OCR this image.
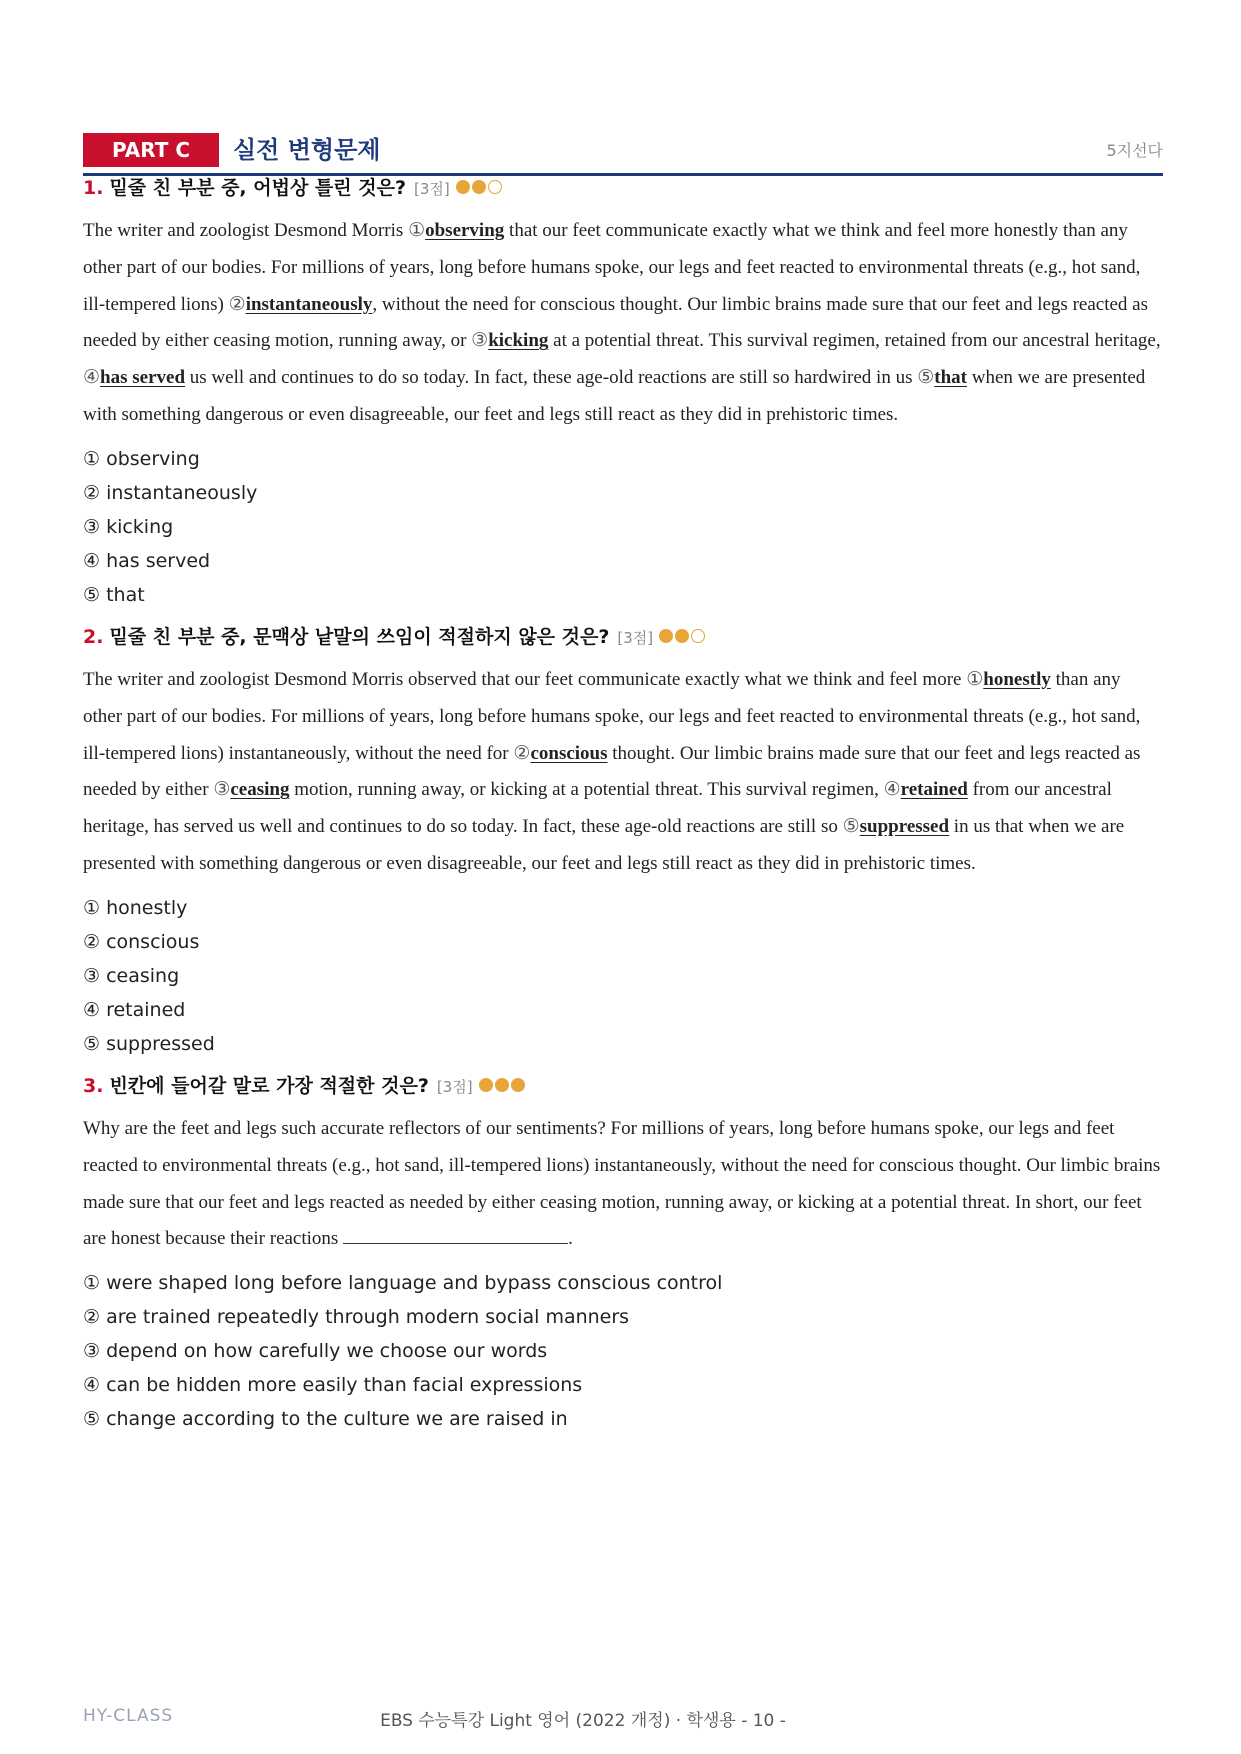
PART C	실전 변형문제	5지선다
1. 밑줄 친 부분 중, 어법상 틀린 것은? [3점]
The writer and zoologist Desmond Morris ①observing that our feet communicate exactly what we think and feel more honestly than any other part of our bodies. For millions of years, long before humans spoke, our legs and feet reacted to environmental threats (e.g., hot sand, ill-tempered lions) ②instantaneously, without the need for conscious thought. Our limbic brains made sure that our feet and legs reacted as needed by either ceasing motion, running away, or ③kicking at a potential threat. This survival regimen, retained from our ancestral heritage, ④has served us well and continues to do so today. In fact, these age-old reactions are still so hardwired in us ⑤that when we are presented with something dangerous or even disagreeable, our feet and legs still react as they did in prehistoric times.
① observing
② instantaneously
③ kicking
④ has served
⑤ that
2. 밑줄 친 부분 중, 문맥상 낱말의 쓰임이 적절하지 않은 것은? [3점]
The writer and zoologist Desmond Morris observed that our feet communicate exactly what we think and feel more ①honestly than any other part of our bodies. For millions of years, long before humans spoke, our legs and feet reacted to environmental threats (e.g., hot sand, ill-tempered lions) instantaneously, without the need for ②conscious thought. Our limbic brains made sure that our feet and legs reacted as needed by either ③ceasing motion, running away, or kicking at a potential threat. This survival regimen, ④retained from our ancestral heritage, has served us well and continues to do so today. In fact, these age-old reactions are still so ⑤suppressed in us that when we are presented with something dangerous or even disagreeable, our feet and legs still react as they did in prehistoric times.
① honestly
② conscious
③ ceasing
④ retained
⑤ suppressed
3. 빈칸에 들어갈 말로 가장 적절한 것은? [3점]
Why are the feet and legs such accurate reflectors of our sentiments? For millions of years, long before humans spoke, our legs and feet reacted to environmental threats (e.g., hot sand, ill-tempered lions) instantaneously, without the need for conscious thought. Our limbic brains made sure that our feet and legs reacted as needed by either ceasing motion, running away, or kicking at a potential threat. In short, our feet are honest because their reactions	.
① were shaped long before language and bypass conscious control
② are trained repeatedly through modern social manners
③ depend on how carefully we choose our words
④ can be hidden more easily than facial expressions
⑤ change according to the culture we are raised in
HY-CLASS	EBS 수능특강 Light 영어 (2022 개정) · 학생용 - 10 -
